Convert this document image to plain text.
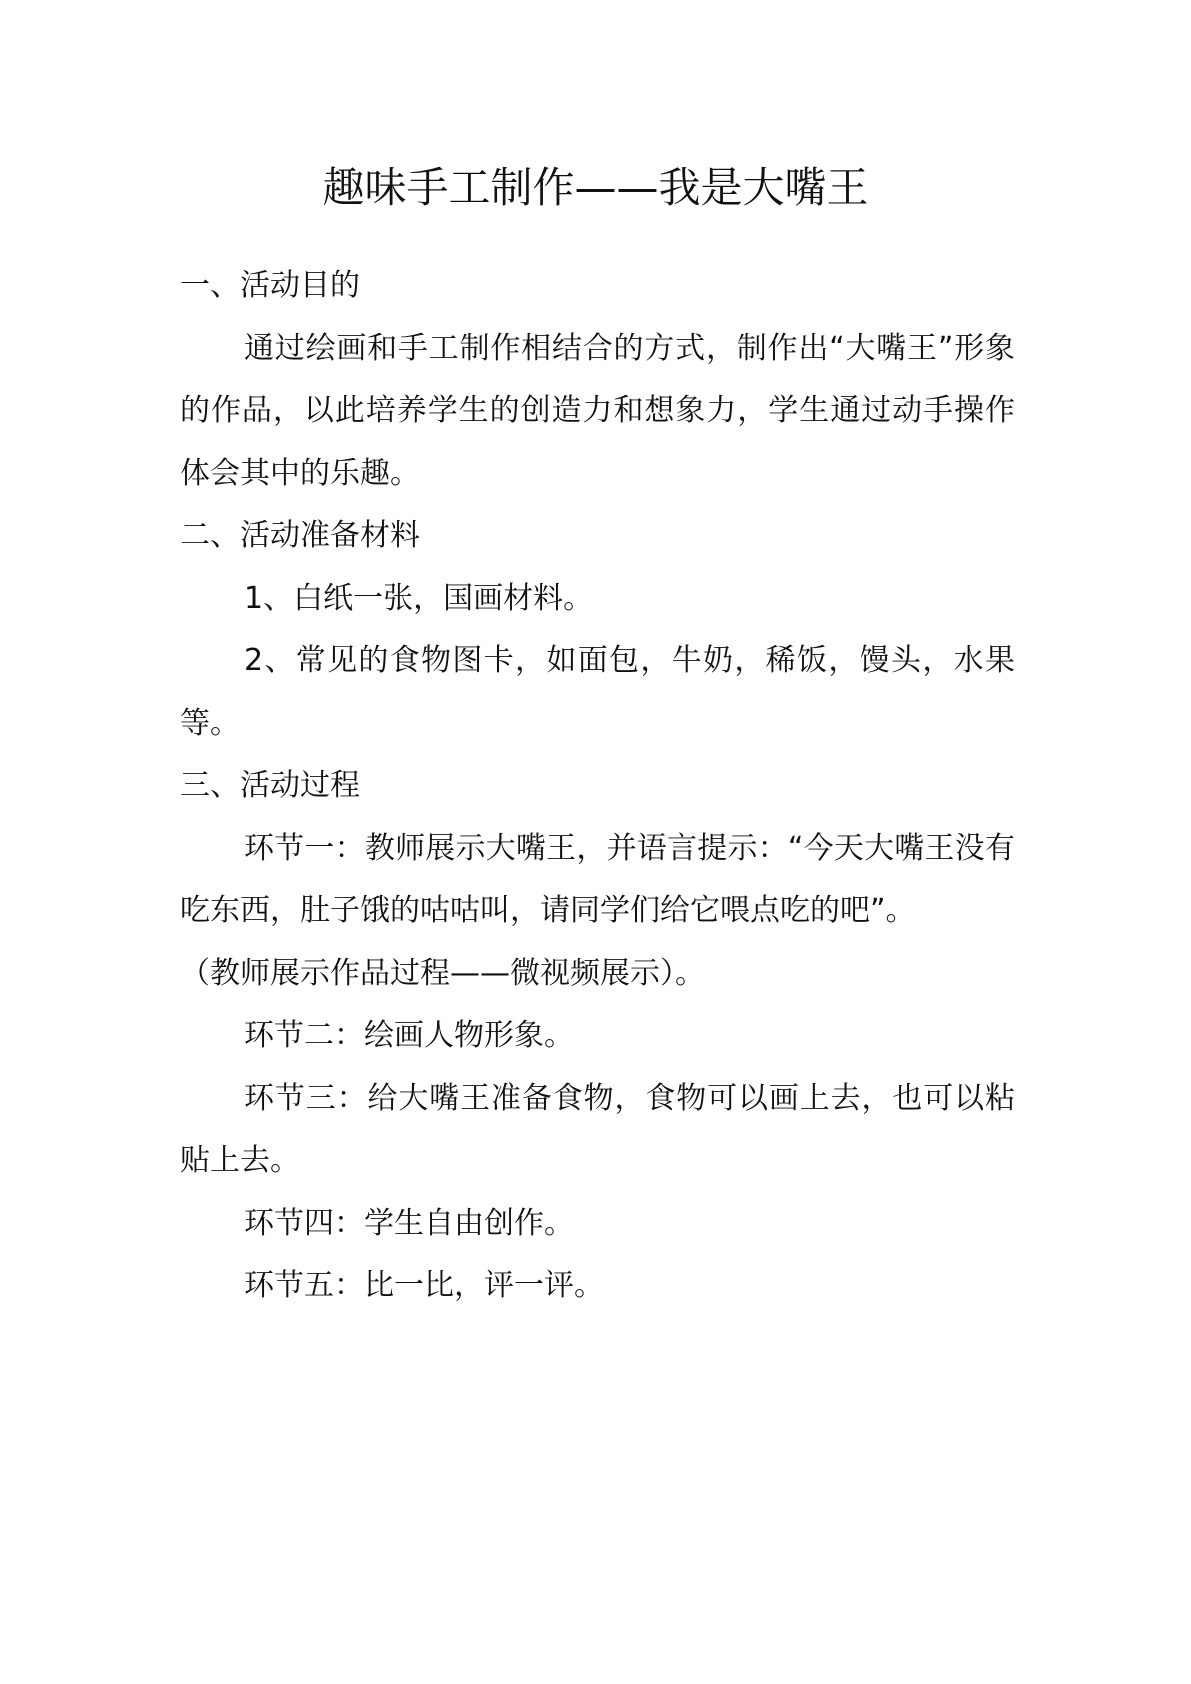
趣味手工制作——我是大嘴王

一、活动目的

通过绘画和手工制作相结合的方式，制作出“大嘴王”形象的作品，以此培养学生的创造力和想象力，学生通过动手操作体会其中的乐趣。

二、活动准备材料

1、白纸一张，国画材料。

2、常见的食物图卡，如面包，牛奶，稀饭，馒头，水果等。

三、活动过程

环节一：教师展示大嘴王，并语言提示：“今天大嘴王没有吃东西，肚子饿的咕咕叫，请同学们给它喂点吃的吧”。

（教师展示作品过程——微视频展示）。

环节二：绘画人物形象。

环节三：给大嘴王准备食物，食物可以画上去，也可以粘贴上去。

环节四：学生自由创作。

环节五：比一比，评一评。
